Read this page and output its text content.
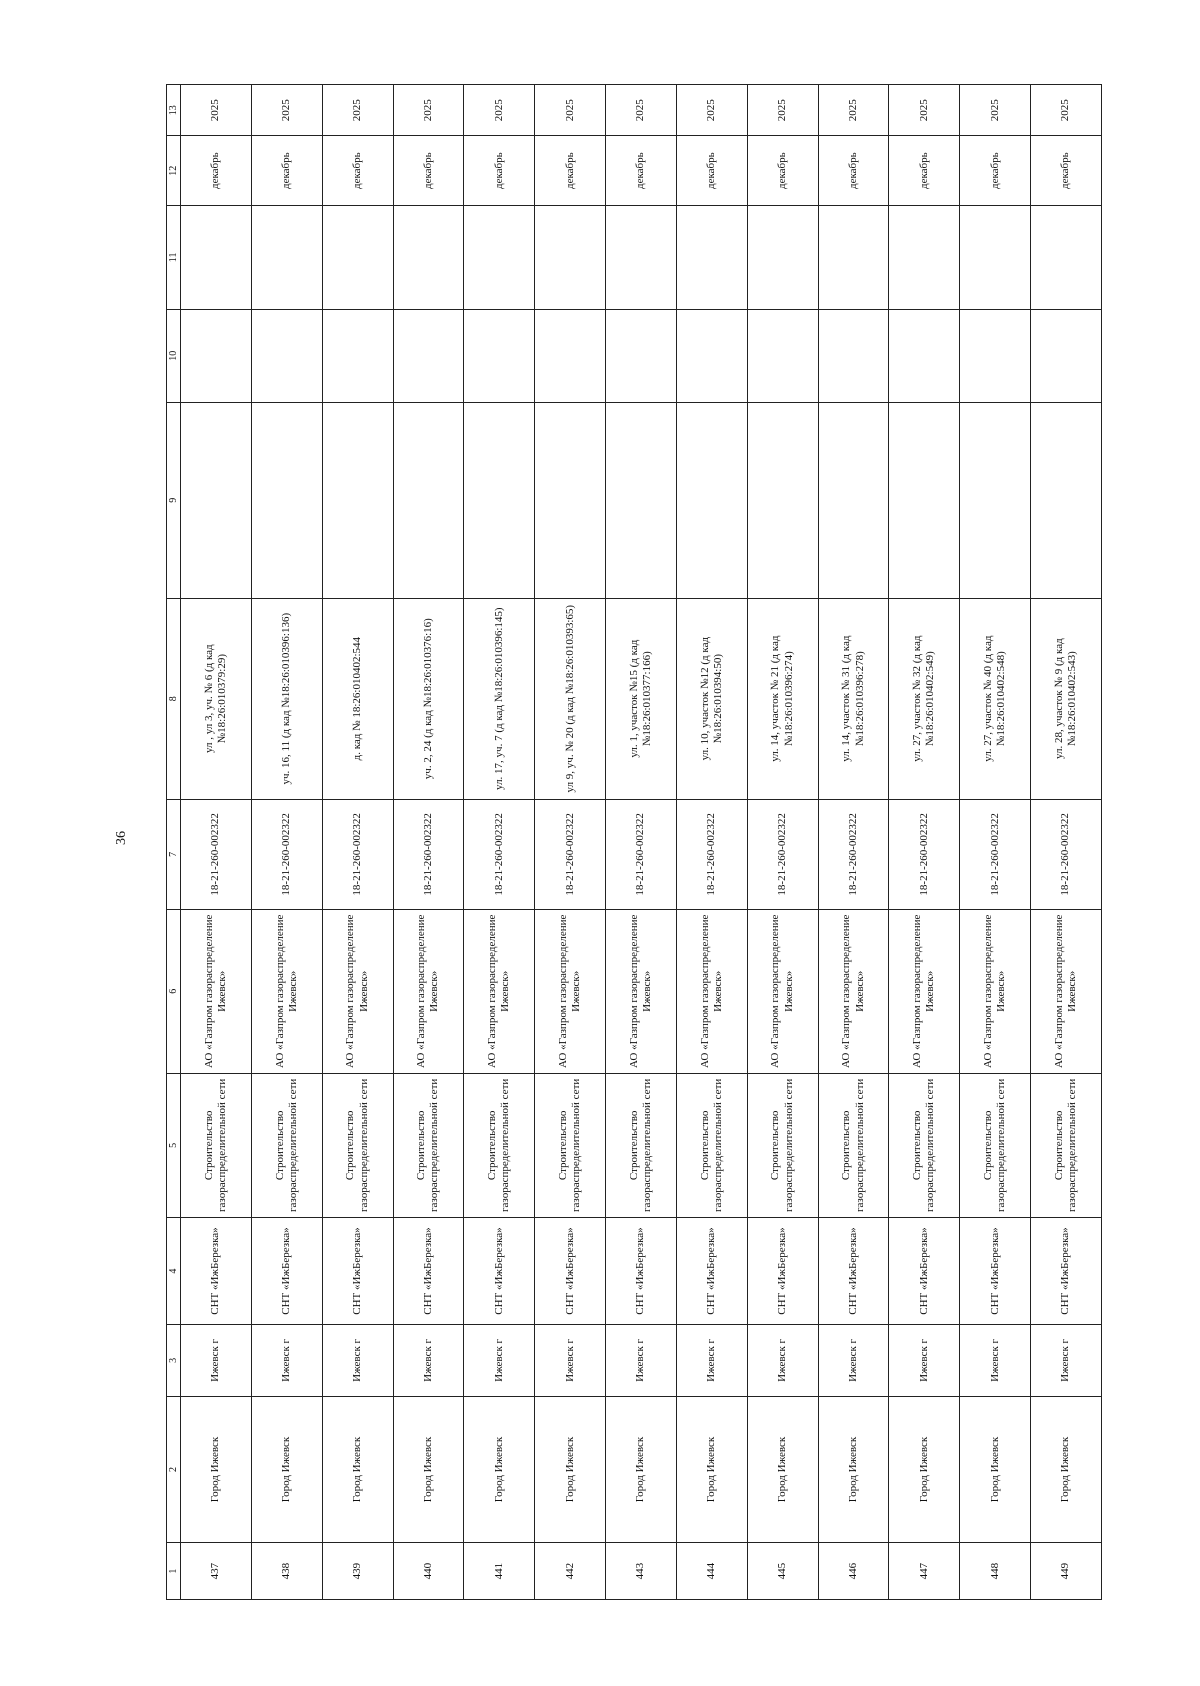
36
1	2	3	4	5	6	7	8	9	10	11	12	13
437	Город Ижевск	Ижевск г	СНТ «ИжБерезка»	Строительство газораспределительной сети	АО «Газпром газораспределение Ижевск»	18-21-260-002322	ул , ул 3, уч. № 6 (д кад №18:26:010379:29)				декабрь	2025
438	Город Ижевск	Ижевск г	СНТ «ИжБерезка»	Строительство газораспределительной сети	АО «Газпром газораспределение Ижевск»	18-21-260-002322	уч. 16, 11 (д кад №18:26:010396:136)				декабрь	2025
439	Город Ижевск	Ижевск г	СНТ «ИжБерезка»	Строительство газораспределительной сети	АО «Газпром газораспределение Ижевск»	18-21-260-002322	д. кад № 18:26:010402:544				декабрь	2025
440	Город Ижевск	Ижевск г	СНТ «ИжБерезка»	Строительство газораспределительной сети	АО «Газпром газораспределение Ижевск»	18-21-260-002322	уч. 2, 24 (д кад №18:26:010376:16)				декабрь	2025
441	Город Ижевск	Ижевск г	СНТ «ИжБерезка»	Строительство газораспределительной сети	АО «Газпром газораспределение Ижевск»	18-21-260-002322	ул. 17, уч. 7 (д кад №18:26:010396:145)				декабрь	2025
442	Город Ижевск	Ижевск г	СНТ «ИжБерезка»	Строительство газораспределительной сети	АО «Газпром газораспределение Ижевск»	18-21-260-002322	ул 9, уч. № 20 (д кад №18:26:010393:65)				декабрь	2025
443	Город Ижевск	Ижевск г	СНТ «ИжБерезка»	Строительство газораспределительной сети	АО «Газпром газораспределение Ижевск»	18-21-260-002322	ул. 1, участок №15 (д кад №18:26:010377:166)				декабрь	2025
444	Город Ижевск	Ижевск г	СНТ «ИжБерезка»	Строительство газораспределительной сети	АО «Газпром газораспределение Ижевск»	18-21-260-002322	ул. 10, участок №12 (д кад №18:26:010394:50)				декабрь	2025
445	Город Ижевск	Ижевск г	СНТ «ИжБерезка»	Строительство газораспределительной сети	АО «Газпром газораспределение Ижевск»	18-21-260-002322	ул. 14, участок № 21 (д кад №18:26:010396:274)				декабрь	2025
446	Город Ижевск	Ижевск г	СНТ «ИжБерезка»	Строительство газораспределительной сети	АО «Газпром газораспределение Ижевск»	18-21-260-002322	ул. 14, участок № 31 (д кад №18:26:010396:278)				декабрь	2025
447	Город Ижевск	Ижевск г	СНТ «ИжБерезка»	Строительство газораспределительной сети	АО «Газпром газораспределение Ижевск»	18-21-260-002322	ул. 27, участок № 32 (д кад №18:26:010402:549)				декабрь	2025
448	Город Ижевск	Ижевск г	СНТ «ИжБерезка»	Строительство газораспределительной сети	АО «Газпром газораспределение Ижевск»	18-21-260-002322	ул. 27, участок № 40 (д кад №18:26:010402:548)				декабрь	2025
449	Город Ижевск	Ижевск г	СНТ «ИжБерезка»	Строительство газораспределительной сети	АО «Газпром газораспределение Ижевск»	18-21-260-002322	ул. 28, участок № 9 (д кад №18:26:010402:543)				декабрь	2025
